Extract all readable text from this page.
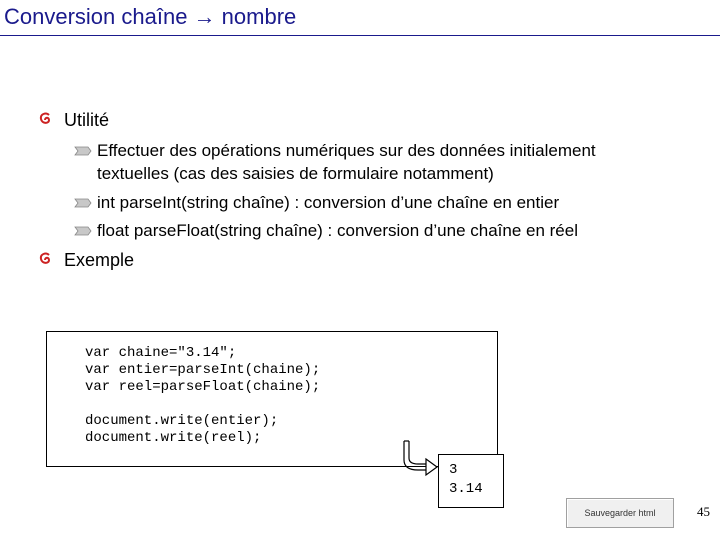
Conversion chaîne → nombre
Utilité
Effectuer des opérations numériques sur des données initialement
textuelles (cas des saisies de formulaire notamment)
int parseInt(string chaîne) : conversion d’une chaîne en entier
float parseFloat(string chaîne) : conversion d’une chaîne en réel
Exemple
var chaine="3.14";
var entier=parseInt(chaine);
var reel=parseFloat(chaine);

document.write(entier);
document.write(reel);
3
3.14
Sauvegarder html	45
